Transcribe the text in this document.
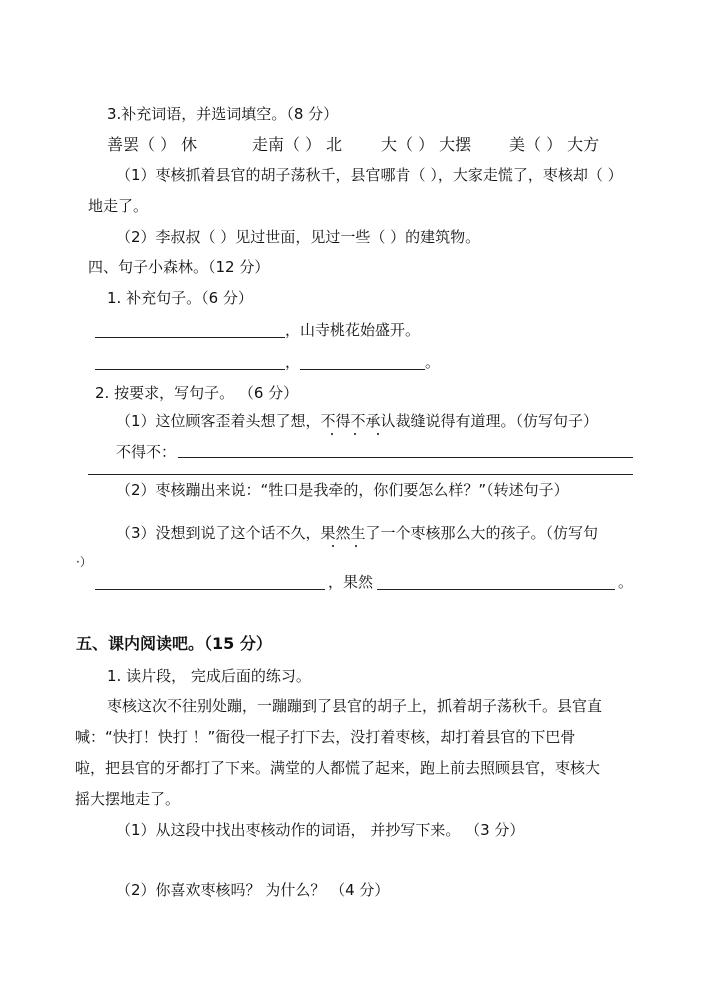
3.补充词语，并选词填空。（8 分）
善罢（ ） 休	走南（ ） 北 大（ ） 大摆 美（ ） 大方
（1）枣核抓着县官的胡子荡秋千，县官哪肯（ ），大家走慌了，枣核却（ ）
地走了。
（2）李叔叔（ ）见过世面，见过一些（ ）的建筑物。
四、句子小森林。（12 分）
1. 补充句子。（6 分）
，山寺桃花始盛开。
，	。
2. 按要求，写句子。 （6 分）
（1）这位顾客歪着头想了想，不得不承认裁缝说得有道理。（仿写句子）
不得不：
（2）枣核蹦出来说：“牲口是我牵的，你们要怎么样？”（转述句子）
（3）没想到说了这个话不久，果然生了一个枣核那么大的孩子。（仿写句
·）
，果然	。
五、课内阅读吧。（15 分）
1. 读片段， 完成后面的练习。
枣核这次不往别处蹦，一蹦蹦到了县官的胡子上，抓着胡子荡秋千。县官直
喊：“快打！快打 ！”衙役一棍子打下去，没打着枣核，却打着县官的下巴骨
啦，把县官的牙都打了下来。满堂的人都慌了起来，跑上前去照顾县官，枣核大
摇大摆地走了。
（1）从这段中找出枣核动作的词语， 并抄写下来。 （3 分）
（2）你喜欢枣核吗？ 为什么？ （4 分）
